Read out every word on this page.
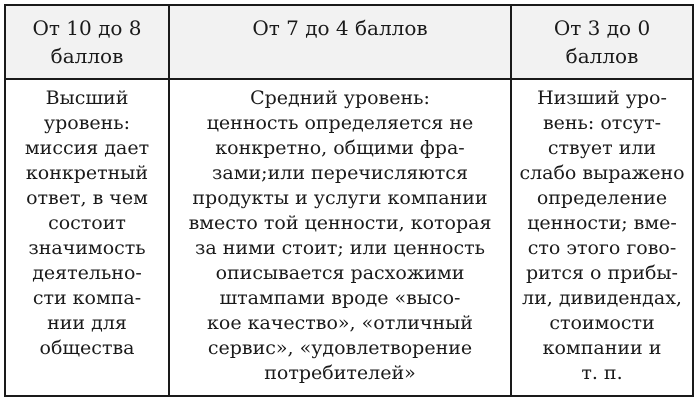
От 10 до 8
баллов
От 7 до 4 баллов	От 3 до 0
баллов
Высший
уровень:
миссия дает
конкретный
ответ, в чем
состоит
значимость
деятельно-
сти компа-
нии для
общества
Средний уровень:
ценность определяется не
конкретно, общими фра-
зами;или перечисляются
продукты и услуги компании
вместо той ценности, которая
за ними стоит; или ценность
описывается расхожими
штампами вроде «высо-
кое качество», «отличный
сервис», «удовлетворение
потребителей»
Низший уро-
вень: отсут-
ствует или
слабо выражено
определение
ценности; вме-
сто этого гово-
рится о прибы-
ли, дивидендах,
стоимости
компании и
т. п.
